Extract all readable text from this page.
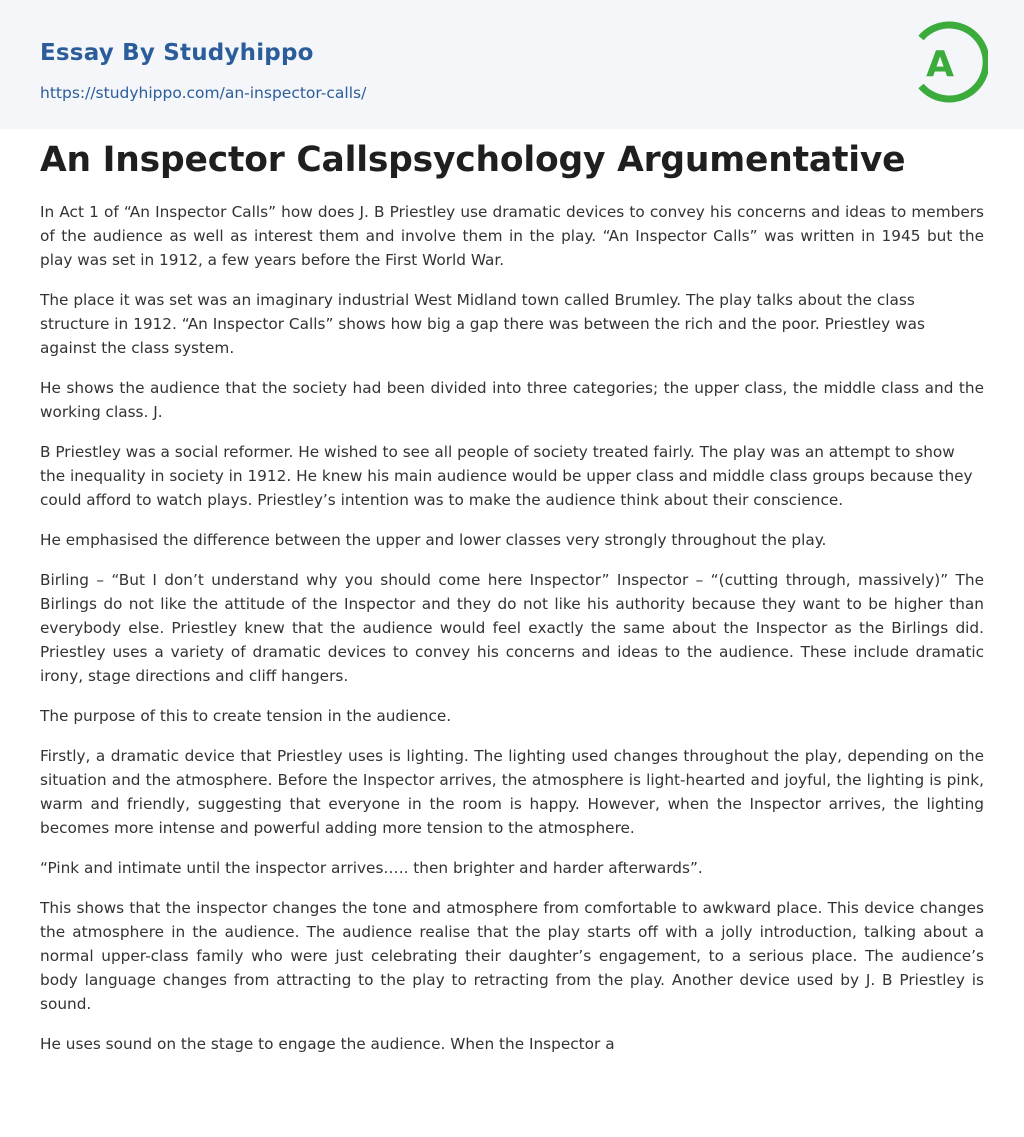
Essay By Studyhippo
https://studyhippo.com/an-inspector-calls/
A
An Inspector Callspsychology Argumentative

In Act 1 of “An Inspector Calls” how does J. B Priestley use dramatic devices to convey his concerns and ideas to members of the audience as well as interest them and involve them in the play. “An Inspector Calls” was written in 1945 but the play was set in 1912, a few years before the First World War.

The place it was set was an imaginary industrial West Midland town called Brumley. The play talks about the class structure in 1912. “An Inspector Calls” shows how big a gap there was between the rich and the poor. Priestley was against the class system.

He shows the audience that the society had been divided into three categories; the upper class, the middle class and the working class. J.

B Priestley was a social reformer. He wished to see all people of society treated fairly. The play was an attempt to show the inequality in society in 1912. He knew his main audience would be upper class and middle class groups because they could afford to watch plays. Priestley’s intention was to make the audience think about their conscience.

He emphasised the difference between the upper and lower classes very strongly throughout the play.

Birling – “But I don’t understand why you should come here Inspector” Inspector – “(cutting through, massively)” The Birlings do not like the attitude of the Inspector and they do not like his authority because they want to be higher than everybody else. Priestley knew that the audience would feel exactly the same about the Inspector as the Birlings did. Priestley uses a variety of dramatic devices to convey his concerns and ideas to the audience. These include dramatic irony, stage directions and cliff hangers.

The purpose of this to create tension in the audience.

Firstly, a dramatic device that Priestley uses is lighting. The lighting used changes throughout the play, depending on the situation and the atmosphere. Before the Inspector arrives, the atmosphere is light-hearted and joyful, the lighting is pink, warm and friendly, suggesting that everyone in the room is happy. However, when the Inspector arrives, the lighting becomes more intense and powerful adding more tension to the atmosphere.

“Pink and intimate until the inspector arrives….. then brighter and harder afterwards”.

This shows that the inspector changes the tone and atmosphere from comfortable to awkward place. This device changes the atmosphere in the audience. The audience realise that the play starts off with a jolly introduction, talking about a normal upper-class family who were just celebrating their daughter’s engagement, to a serious place. The audience’s body language changes from attracting to the play to retracting from the play. Another device used by J. B Priestley is sound.

He uses sound on the stage to engage the audience. When the Inspector a
